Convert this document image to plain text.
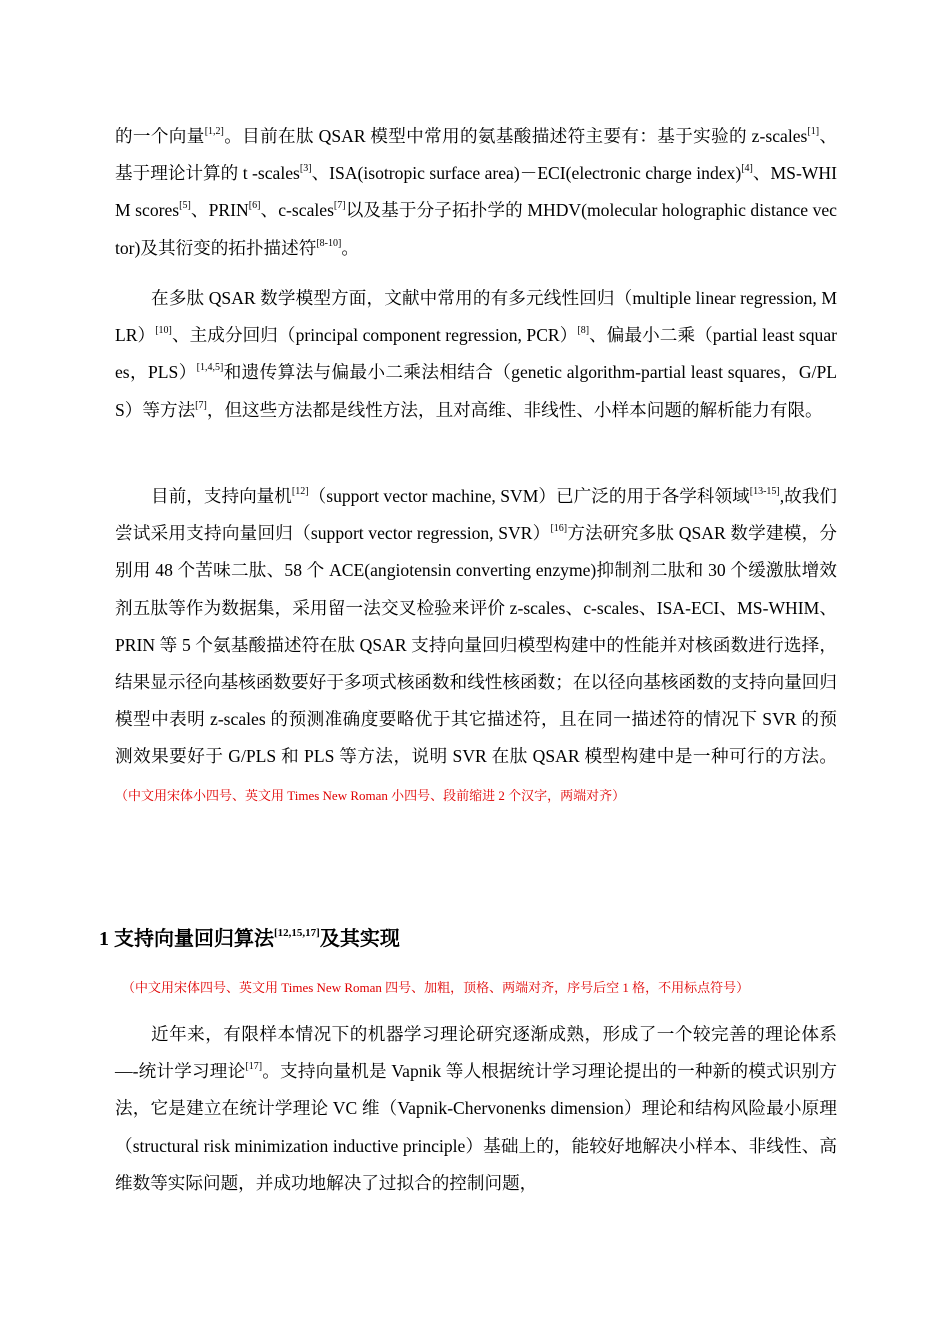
的一个向量[1,2]。目前在肽 QSAR 模型中常用的氨基酸描述符主要有：基于实验的 z-scales[1]、基于理论计算的 t -scales[3]、ISA(isotropic surface area)－ECI(electronic charge index)[4]、MS-WHIM scores[5]、PRIN[6]、c-scales[7]以及基于分子拓扑学的 MHDV(molecular holographic distance vector)及其衍变的拓扑描述符[8-10]。

在多肽 QSAR 数学模型方面，文献中常用的有多元线性回归（multiple linear regression, MLR）[10]、主成分回归（principal component regression, PCR）[8]、偏最小二乘（partial least squares，PLS）[1,4,5]和遗传算法与偏最小二乘法相结合（genetic algorithm-partial least squares，G/PLS）等方法[7]，但这些方法都是线性方法，且对高维、非线性、小样本问题的解析能力有限。

目前，支持向量机[12]（support vector machine, SVM）已广泛的用于各学科领域[13-15],故我们尝试采用支持向量回归（support vector regression, SVR）[16]方法研究多肽 QSAR 数学建模，分别用 48 个苦味二肽、58 个 ACE(angiotensin converting enzyme)抑制剂二肽和 30 个缓激肽增效剂五肽等作为数据集，采用留一法交叉检验来评价 z-scales、c-scales、ISA-ECI、MS-WHIM、PRIN 等 5 个氨基酸描述符在肽 QSAR 支持向量回归模型构建中的性能并对核函数进行选择，结果显示径向基核函数要好于多项式核函数和线性核函数；在以径向基核函数的支持向量回归模型中表明 z-scales 的预测准确度要略优于其它描述符，且在同一描述符的情况下 SVR 的预测效果要好于 G/PLS 和 PLS 等方法，说明 SVR 在肽 QSAR 模型构建中是一种可行的方法。（中文用宋体小四号、英文用 Times New Roman 小四号、段前缩进 2 个汉字，两端对齐）

1 支持向量回归算法[12,15,17]及其实现

（中文用宋体四号、英文用 Times New Roman 四号、加粗，顶格、两端对齐，序号后空 1 格，不用标点符号）

近年来，有限样本情况下的机器学习理论研究逐渐成熟，形成了一个较完善的理论体系—-统计学习理论[17]。支持向量机是 Vapnik 等人根据统计学习理论提出的一种新的模式识别方法，它是建立在统计学理论 VC 维（Vapnik-Chervonenks dimension）理论和结构风险最小原理（structural risk minimization inductive principle）基础上的，能较好地解决小样本、非线性、高维数等实际问题，并成功地解决了过拟合的控制问题，
